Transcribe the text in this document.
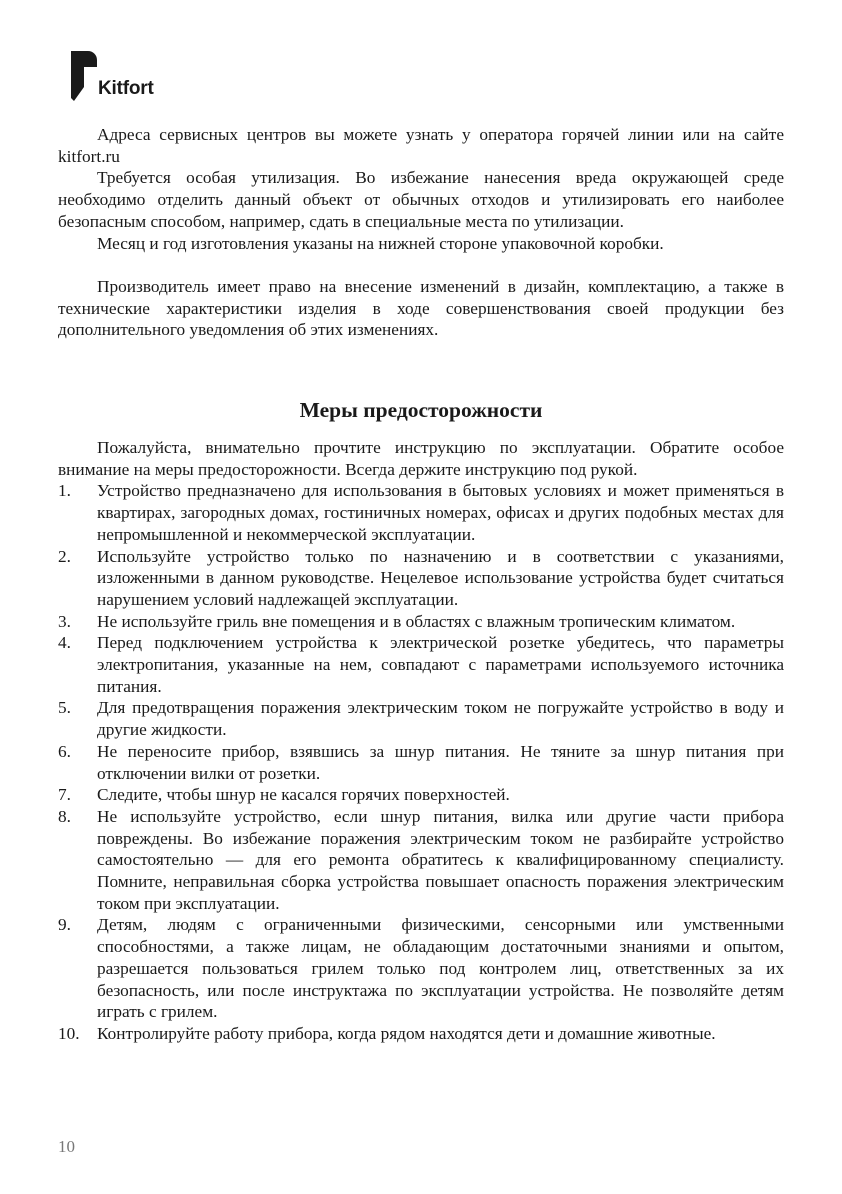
Kitfort

Адреса сервисных центров вы можете узнать у оператора горячей линии или на сайте kitfort.ru

Требуется особая утилизация. Во избежание нанесения вреда окружающей среде необходимо отделить данный объект от обычных отходов и утилизировать его наиболее безопасным способом, например, сдать в специальные места по утилизации.

Месяц и год изготовления указаны на нижней стороне упаковочной коробки.

Производитель имеет право на внесение изменений в дизайн, комплектацию, а также в технические характеристики изделия в ходе совершенствования своей продукции без дополнительного уведомления об этих изменениях.

Меры предосторожности

Пожалуйста, внимательно прочтите инструкцию по эксплуатации. Обратите особое внимание на меры предосторожности. Всегда держите инструкцию под рукой.

1. Устройство предназначено для использования в бытовых условиях и может применяться в квартирах, загородных домах, гостиничных номерах, офисах и других подобных местах для непромышленной и некоммерческой эксплуатации.
2. Используйте устройство только по назначению и в соответствии с указаниями, изложенными в данном руководстве. Нецелевое использование устройства будет считаться нарушением условий надлежащей эксплуатации.
3. Не используйте гриль вне помещения и в областях с влажным тропическим климатом.
4. Перед подключением устройства к электрической розетке убедитесь, что параметры электропитания, указанные на нем, совпадают с параметрами используемого источника питания.
5. Для предотвращения поражения электрическим током не погружайте устройство в воду и другие жидкости.
6. Не переносите прибор, взявшись за шнур питания. Не тяните за шнур питания при отключении вилки от розетки.
7. Следите, чтобы шнур не касался горячих поверхностей.
8. Не используйте устройство, если шнур питания, вилка или другие части прибора повреждены. Во избежание поражения электрическим током не разбирайте устройство самостоятельно — для его ремонта обратитесь к квалифицированному специалисту. Помните, неправильная сборка устройства повышает опасность поражения электрическим током при эксплуатации.
9. Детям, людям с ограниченными физическими, сенсорными или умственными способностями, а также лицам, не обладающим достаточными знаниями и опытом, разрешается пользоваться грилем только под контролем лиц, ответственных за их безопасность, или после инструктажа по эксплуатации устройства. Не позволяйте детям играть с грилем.
10. Контролируйте работу прибора, когда рядом находятся дети и домашние животные.
10
